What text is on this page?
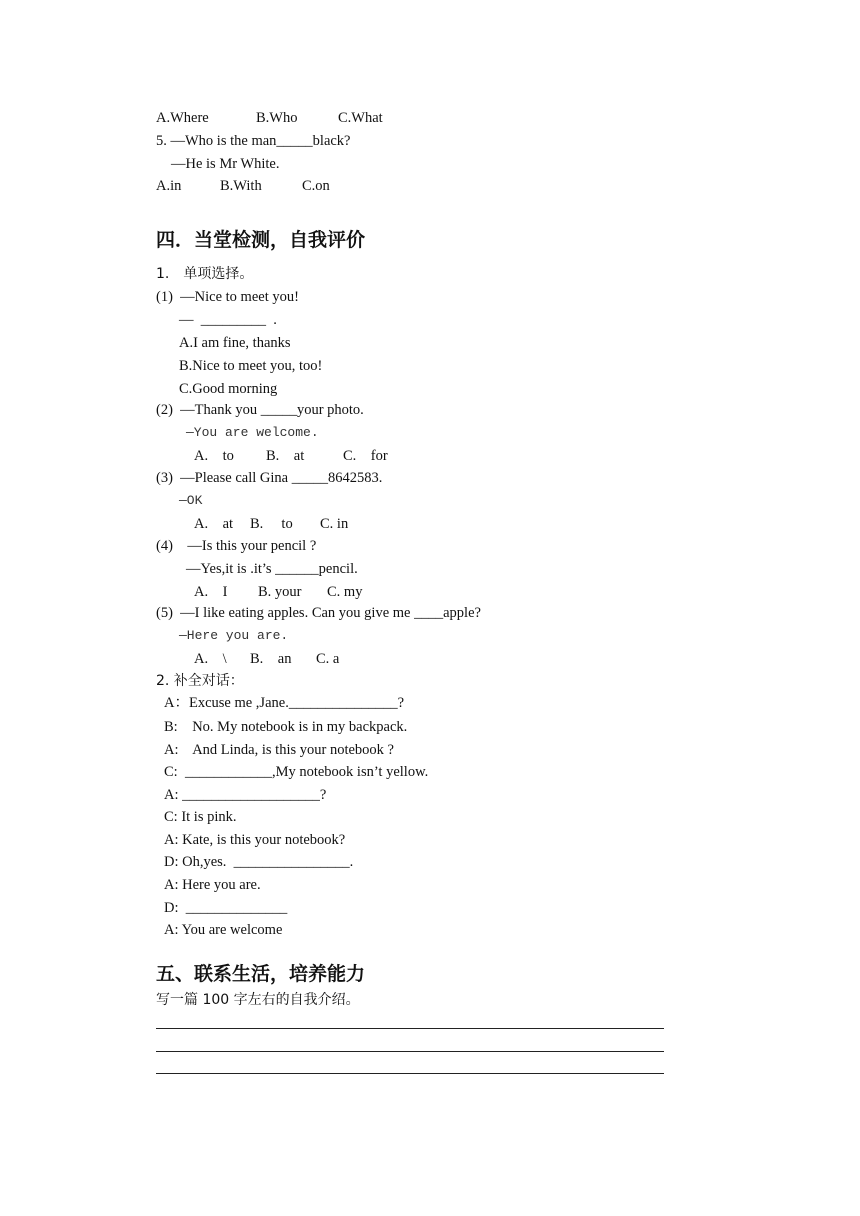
A.Where	B.Who	C.What
5. —Who is the man_____black?
—He is Mr White.
A.in	B.With	C.on
四．当堂检测，自我评价
1.　单项选择。
(1)  —Nice to meet you!
—  _________  .
A.I am fine, thanks
B.Nice to meet you, too!
C.Good morning
(2)  —Thank you _____your photo.
—You are welcome.
A.    to B.    at	C.    for
(3)  —Please call Gina _____8642583.
—OK
A.    at B.     to C. in
(4)    —Is this your pencil ?
—Yes,it is .it’s ______pencil.
A.    I B. your C. my
(5)  —I like eating apples. Can you give me ____apple?
—Here you are.
A.    \ B.    an C. a
2. 补全对话：
A：Excuse me ,Jane._______________?
B:    No. My notebook is in my backpack.
A:    And Linda, is this your notebook ?
C:  ____________,My notebook isn’t yellow.
A: ___________________?
C: It is pink.
A: Kate, is this your notebook?
D: Oh,yes.  ________________.
A: Here you are.
D:  ______________
A: You are welcome
五、联系生活，培养能力
写一篇 100 字左右的自我介绍。
